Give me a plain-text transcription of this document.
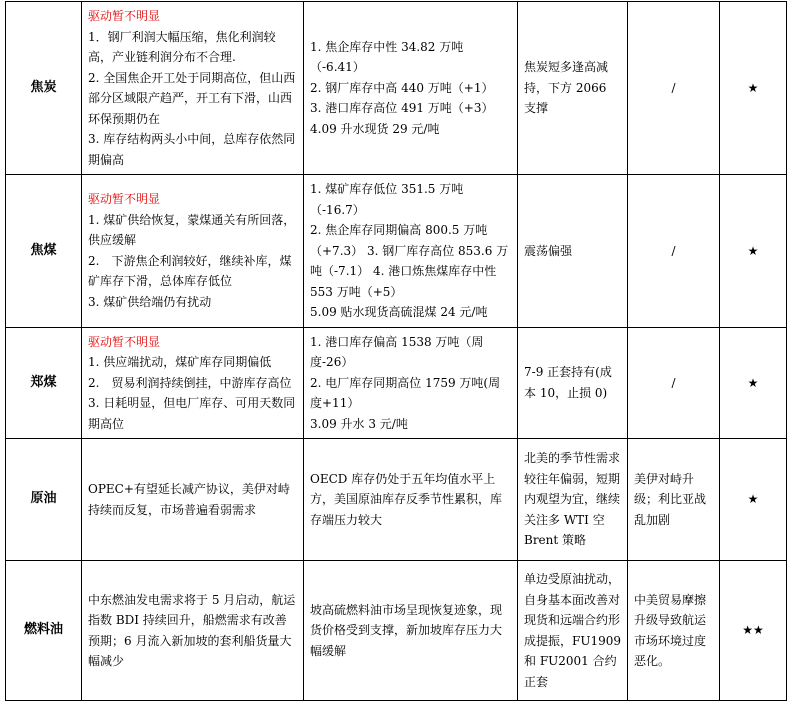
焦炭	驱动暂不明显
1．钢厂利润大幅压缩，焦化利润较高，产业链利润分布不合理.
2. 全国焦企开工处于同期高位，但山西部分区域限产趋严，开工有下滑，山西环保预期仍在
3. 库存结构两头小中间，总库存依然同期偏高	1. 焦企库存中性 34.82 万吨（-6.41）
2. 钢厂库存中高 440 万吨（+1）
3. 港口库存高位 491 万吨（+3）
4.09 升水现货 29 元/吨	焦炭短多逢高减持，下方 2066 支撑	/	★
焦煤	驱动暂不明显
1. 煤矿供给恢复，蒙煤通关有所回落，供应缓解
2.　下游焦企利润较好，继续补库，煤矿库存下滑，总体库存低位
3. 煤矿供给端仍有扰动	1. 煤矿库存低位 351.5 万吨（-16.7）
2. 焦企库存同期偏高 800.5 万吨（+7.3） 3. 钢厂库存高位 853.6 万吨（-7.1） 4. 港口炼焦煤库存中性 553 万吨（+5）
5.09 贴水现货高硫混煤 24 元/吨	震荡偏强	/	★
郑煤	驱动暂不明显
1. 供应端扰动，煤矿库存同期偏低
2.　贸易利润持续倒挂，中游库存高位 3. 日耗明显，但电厂库存、可用天数同期高位	1. 港口库存偏高 1538 万吨（周度-26）
2. 电厂库存同期高位 1759 万吨(周度+11）
3.09 升水 3 元/吨	7-9 正套持有(成本 10，止损 0)	/	★
原油	OPEC+有望延长减产协议，美伊对峙持续而反复，市场普遍看弱需求	OECD 库存仍处于五年均值水平上方，美国原油库存反季节性累积，库存端压力较大	北美的季节性需求较往年偏弱，短期内观望为宜，继续关注多 WTI 空 Brent 策略	美伊对峙升级；利比亚战乱加剧	★
燃料油	中东燃油发电需求将于 5 月启动，航运指数 BDI 持续回升，船燃需求有改善预期；6 月流入新加坡的套利船货量大幅减少	坡高硫燃料油市场呈现恢复迹象，现货价格受到支撑，新加坡库存压力大幅缓解	单边受原油扰动，自身基本面改善对现货和远端合约形成提振，FU1909 和 FU2001 合约正套	中美贸易摩擦升级导致航运市场环境过度恶化。	★★
